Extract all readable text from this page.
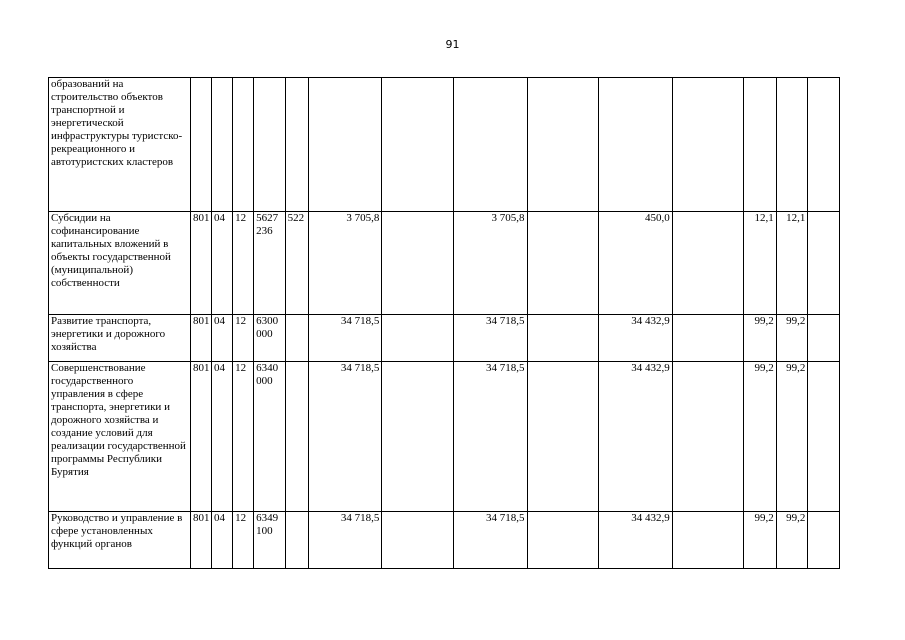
91
образований на строительство объектов транспортной и энергетической инфраструктуры туристско-рекреационного и автотуристских кластеров														
Субсидии на софинансирование капитальных вложений в объекты государственной (муниципальной) собственности	801	04	12	5627 236	522	3 705,8		3 705,8		450,0		12,1	12,1	
Развитие транспорта, энергетики и дорожного хозяйства	801	04	12	6300 000		34 718,5		34 718,5		34 432,9		99,2	99,2	
Совершенствование государственного управления в сфере транспорта, энергетики и дорожного хозяйства и создание условий для реализации государственной программы Республики Бурятия	801	04	12	6340 000		34 718,5		34 718,5		34 432,9		99,2	99,2	
Руководство и управление в сфере установленных функций органов	801	04	12	6349 100		34 718,5		34 718,5		34 432,9		99,2	99,2	
